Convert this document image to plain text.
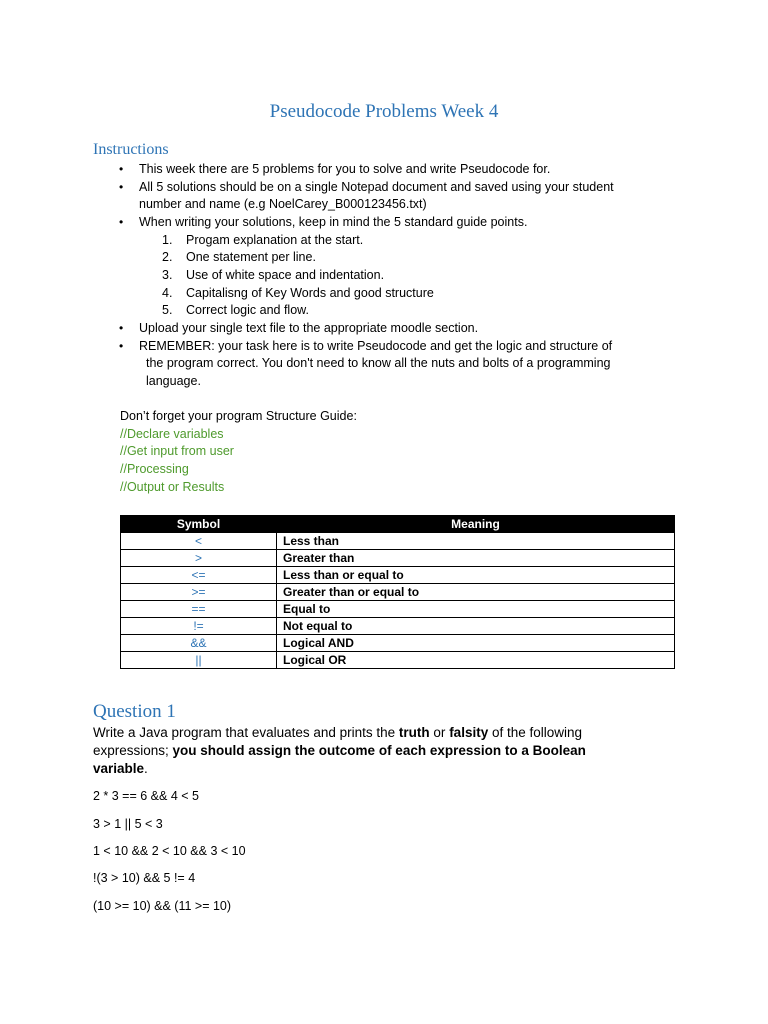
Pseudocode Problems Week 4
Instructions
• This week there are 5 problems for you to solve and write Pseudocode for.
• All 5 solutions should be on a single Notepad document and saved using your student
number and name (e.g NoelCarey_B000123456.txt)
• When writing your solutions, keep in mind the 5 standard guide points.
1. Progam explanation at the start.
2. One statement per line.
3. Use of white space and indentation.
4. Capitalisng of Key Words and good structure
5. Correct logic and flow.
• Upload your single text file to the appropriate moodle section.
• REMEMBER: your task here is to write Pseudocode and get the logic and structure of
the program correct. You don't need to know all the nuts and bolts of a programming
language.
Don’t forget your program Structure Guide:
//Declare variables
//Get input from user
//Processing
//Output or Results
Symbol	Meaning
<	Less than
>	Greater than
<=	Less than or equal to
>=	Greater than or equal to
==	Equal to
!=	Not equal to
&&	Logical AND
||	Logical OR
Question 1
Write a Java program that evaluates and prints the truth or falsity of the following
expressions; you should assign the outcome of each expression to a Boolean
variable.
2 * 3 == 6 && 4 < 5
3 > 1 || 5 < 3
1 < 10 && 2 < 10 && 3 < 10
!(3 > 10) && 5 != 4
(10 >= 10) && (11 >= 10)
